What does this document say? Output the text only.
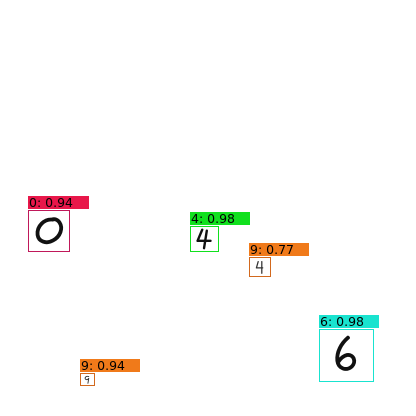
0: 0.94
4: 0.98
9: 0.77
6: 0.98
9: 0.94
